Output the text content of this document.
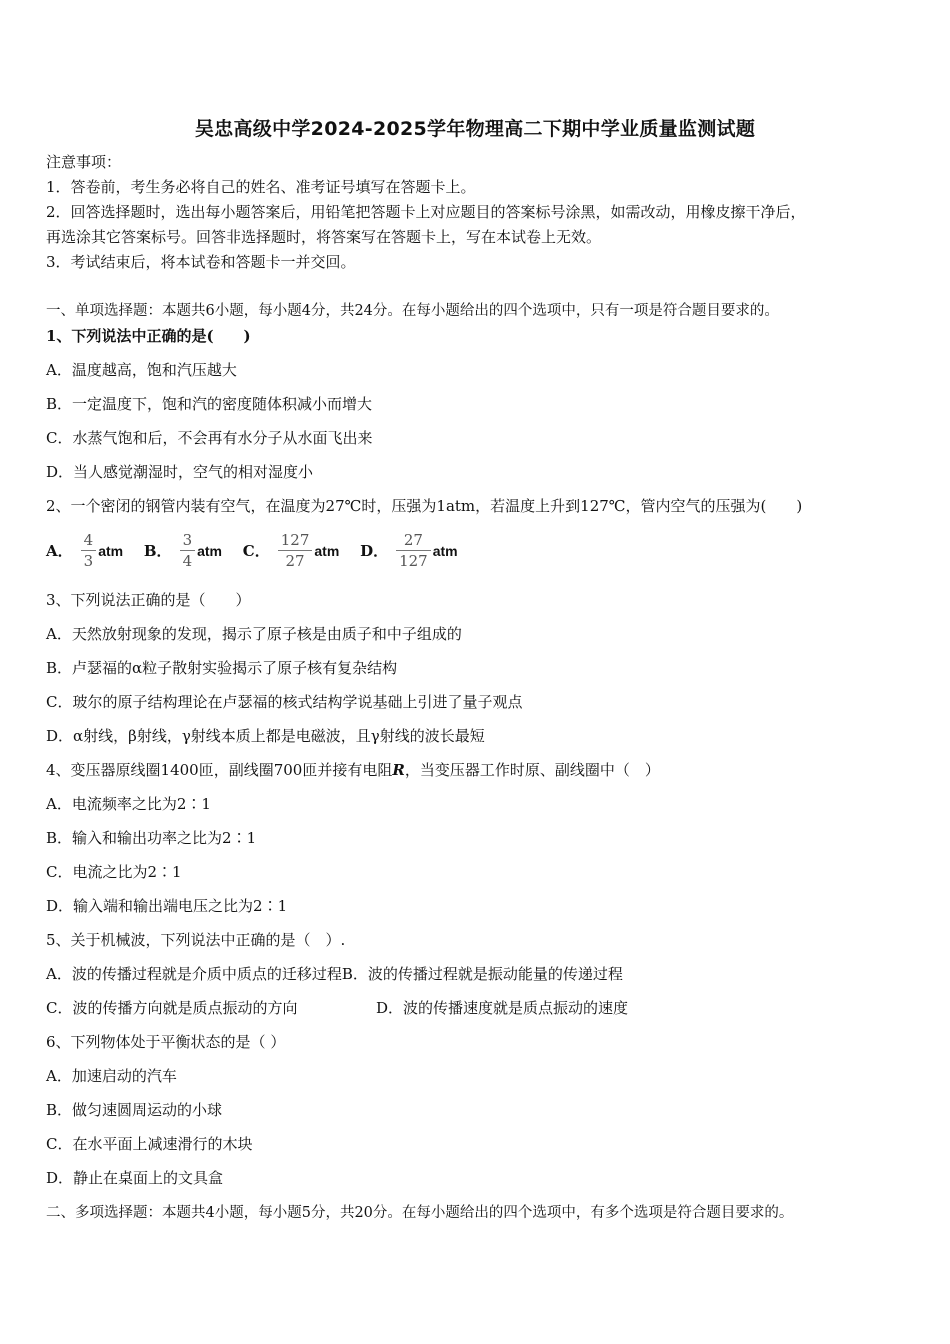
吴忠高级中学2024-2025学年物理高二下期中学业质量监测试题
注意事项：
1．答卷前，考生务必将自己的姓名、准考证号填写在答题卡上。
2．回答选择题时，选出每小题答案后，用铅笔把答题卡上对应题目的答案标号涂黑，如需改动，用橡皮擦干净后，
再选涂其它答案标号。回答非选择题时，将答案写在答题卡上，写在本试卷上无效。
3．考试结束后，将本试卷和答题卡一并交回。
一、单项选择题：本题共6小题，每小题4分，共24分。在每小题给出的四个选项中，只有一项是符合题目要求的。
1、下列说法中正确的是(　　)
A．温度越高，饱和汽压越大
B．一定温度下，饱和汽的密度随体积减小而增大
C．水蒸气饱和后，不会再有水分子从水面飞出来
D．当人感觉潮湿时，空气的相对湿度小
2、一个密闭的钢管内装有空气，在温度为27℃时，压强为1atm，若温度上升到127℃，管内空气的压强为(　　)
A． $\frac{4}{3}$ atm B． $\frac{3}{4}$ atm C． $\frac{127}{27}$ atm D． $\frac{27}{127}$ atm
3、下列说法正确的是（　　）
A．天然放射现象的发现，揭示了原子核是由质子和中子组成的
B．卢瑟福的α粒子散射实验揭示了原子核有复杂结构
C．玻尔的原子结构理论在卢瑟福的核式结构学说基础上引进了量子观点
D．α射线，β射线，γ射线本质上都是电磁波，且γ射线的波长最短
4、变压器原线圈1400匝，副线圈700匝并接有电阻R，当变压器工作时原、副线圈中（　）
A．电流频率之比为2∶1
B．输入和输出功率之比为2∶1
C．电流之比为2∶1
D．输入端和输出端电压之比为2∶1
5、关于机械波，下列说法中正确的是（　）.
A．波的传播过程就是介质中质点的迁移过程B．波的传播过程就是振动能量的传递过程
C．波的传播方向就是质点振动的方向	D．波的传播速度就是质点振动的速度
6、下列物体处于平衡状态的是（ ）
A．加速启动的汽车
B．做匀速圆周运动的小球
C．在水平面上减速滑行的木块
D．静止在桌面上的文具盒
二、多项选择题：本题共4小题，每小题5分，共20分。在每小题给出的四个选项中，有多个选项是符合题目要求的。
